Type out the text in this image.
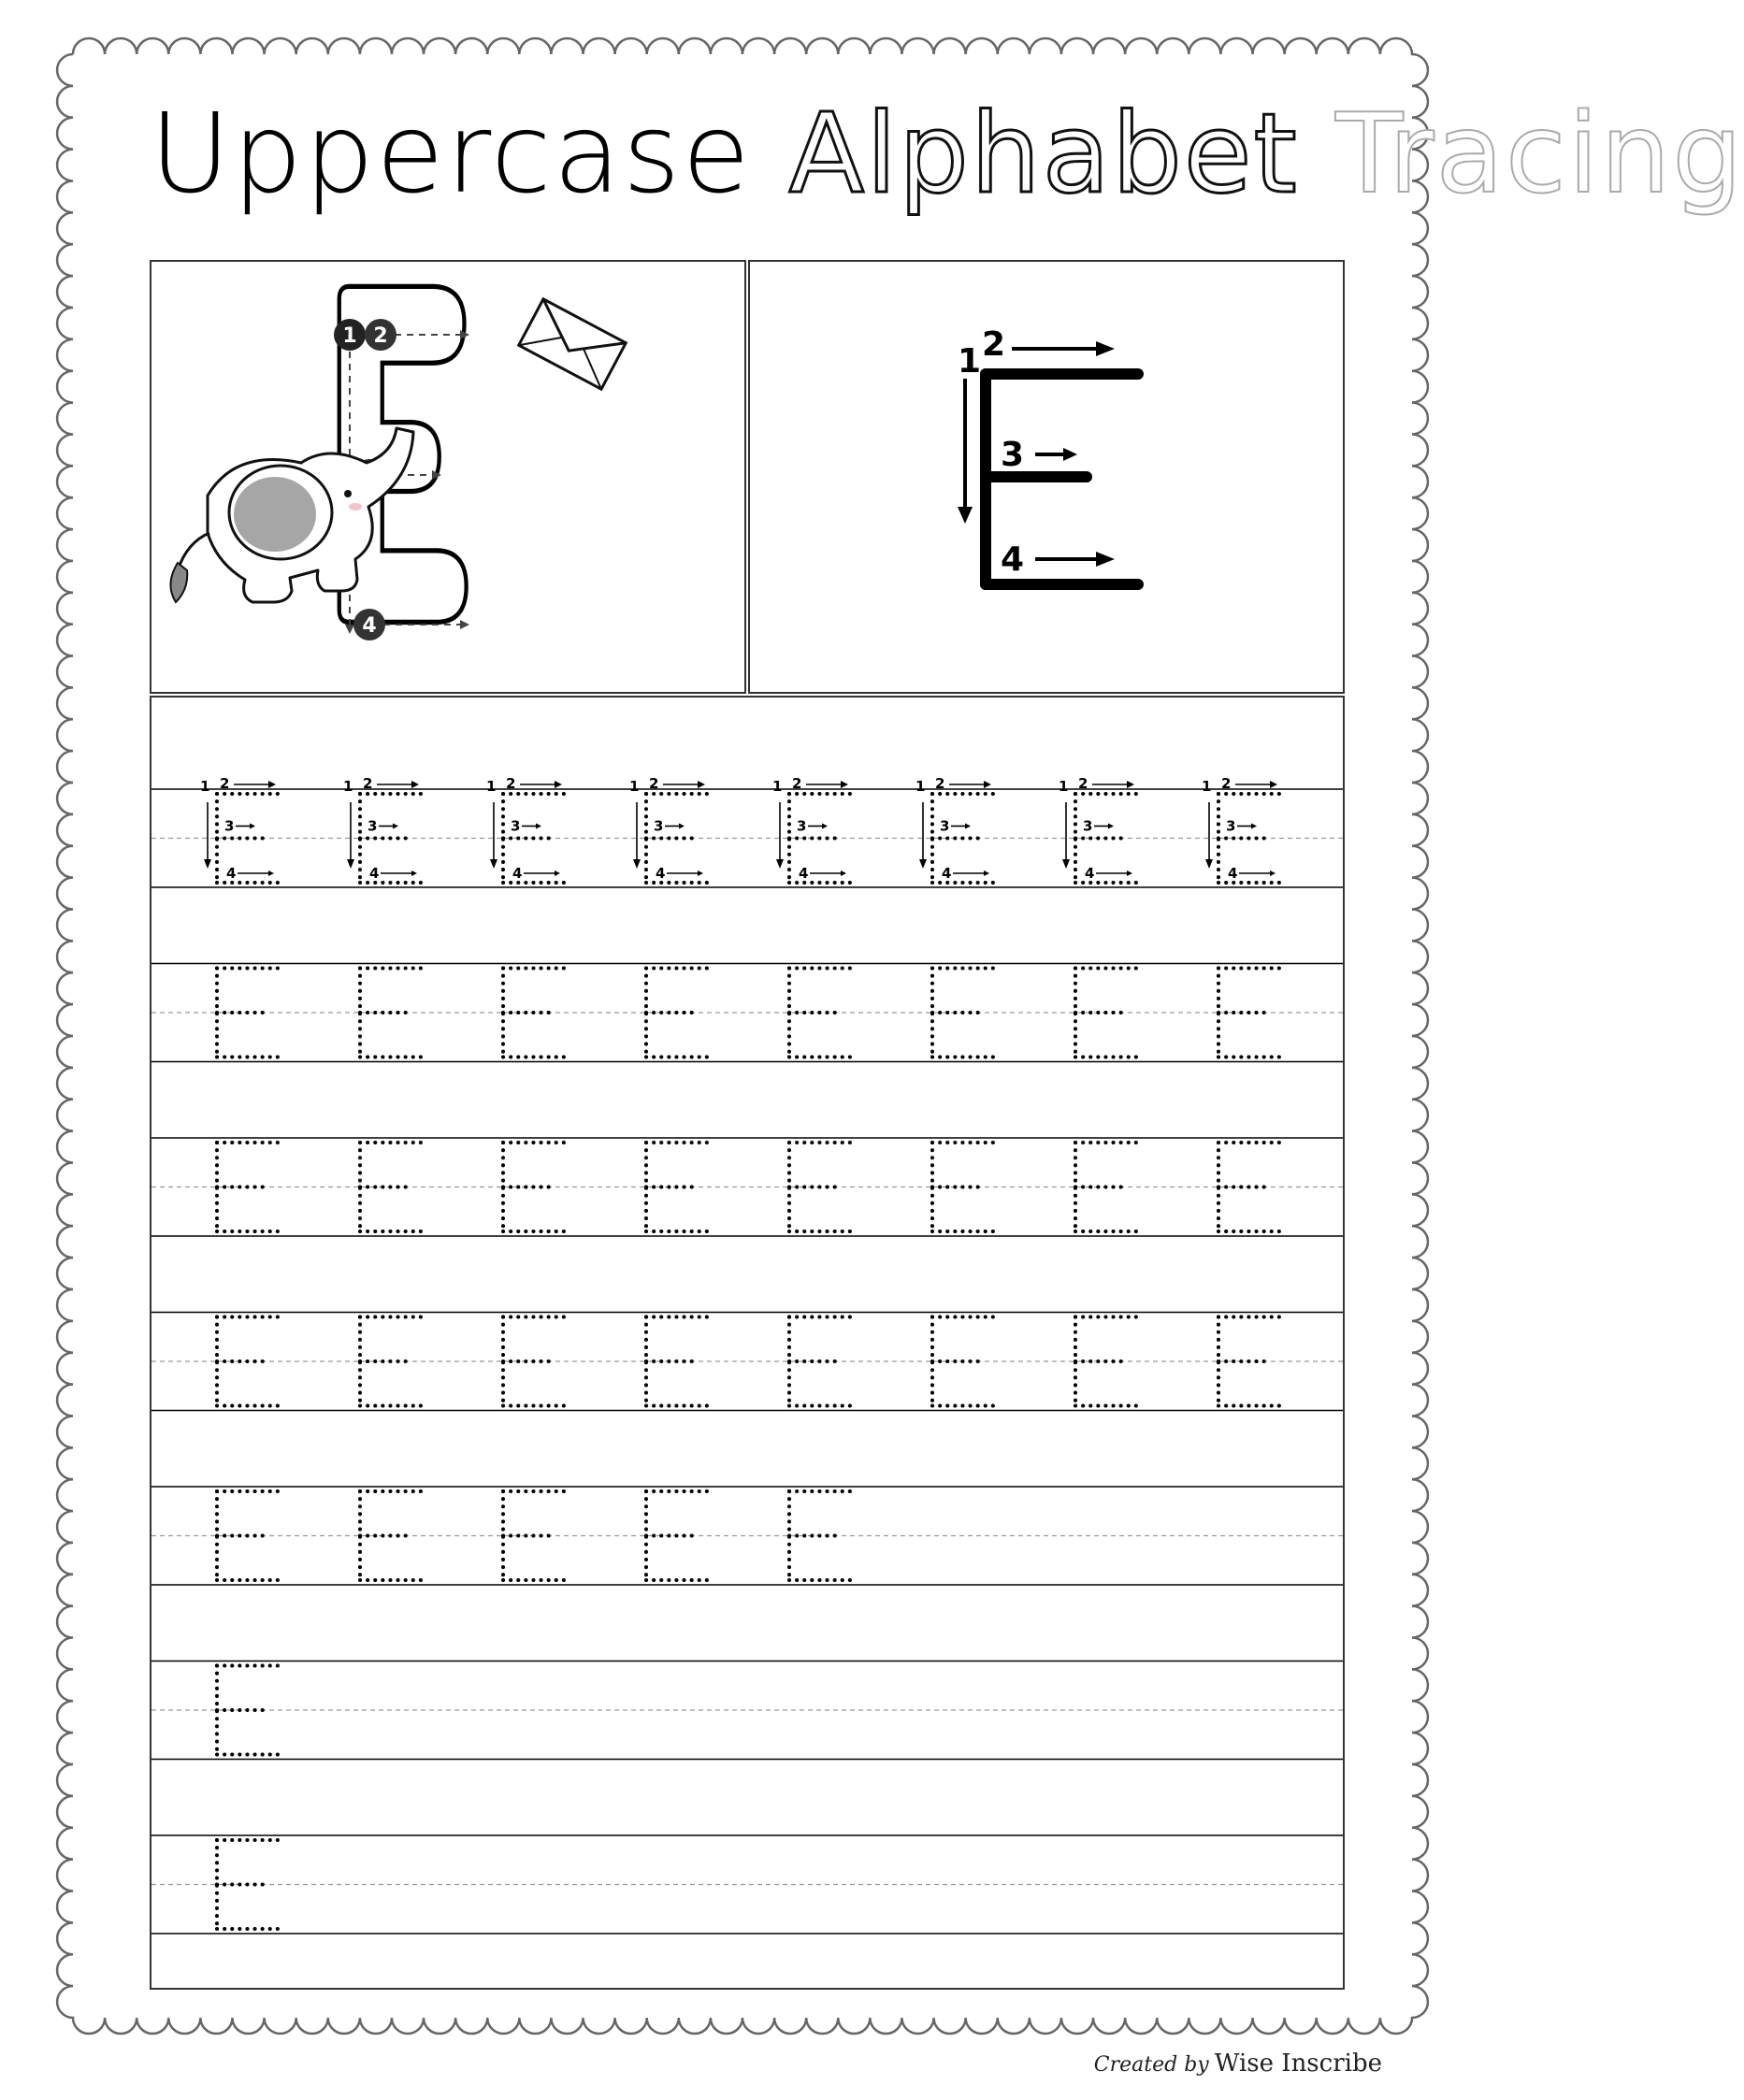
Uppercase Alphabet Tracing
1 2
4
1 2
3
4
1 2
3
4
1 2
3
4
1 2
3
4
1 2
3
4
1 2
3
4
1 2
3
4
1 2
3
4
1 2
3
4
Created by Wise Inscribe
